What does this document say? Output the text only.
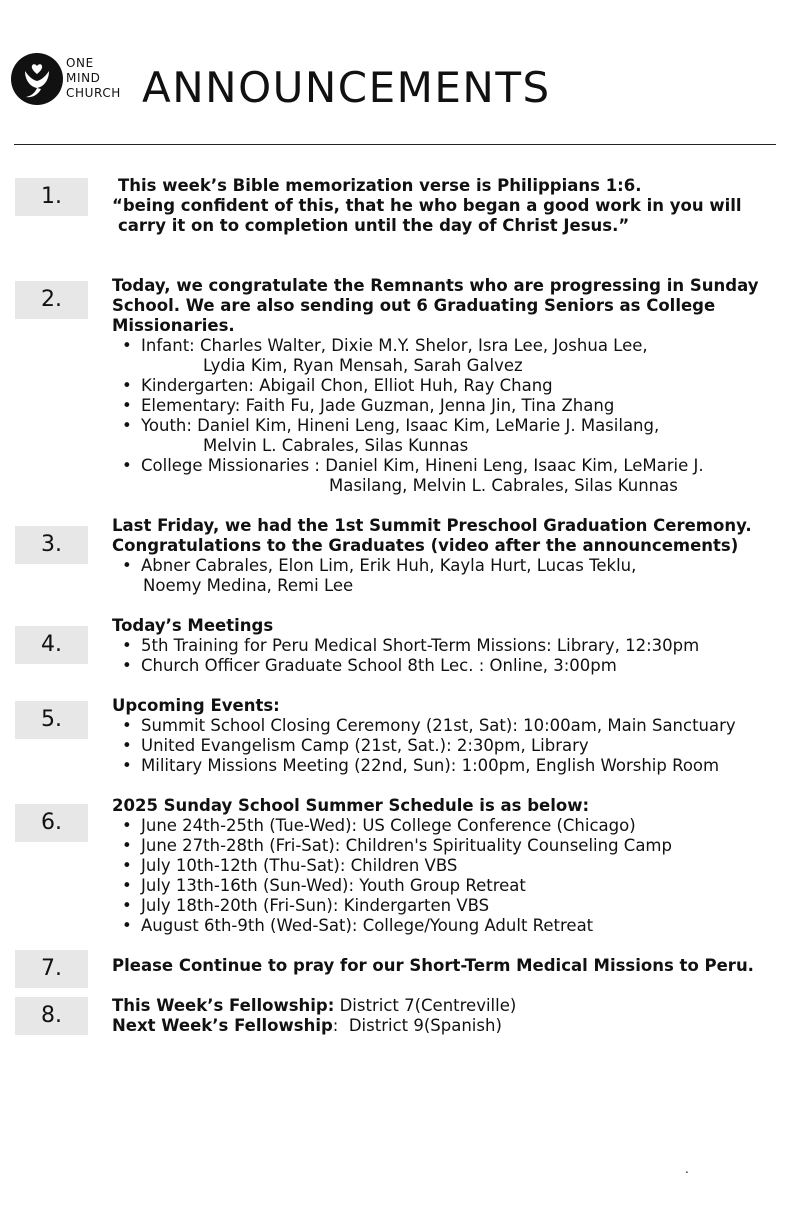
ONE
MIND
CHURCH ANNOUNCEMENTS
1.	This week’s Bible memorization verse is Philippians 1:6.
“being confident of this, that he who began a good work in you will
carry it on to completion until the day of Christ Jesus.”
2.
Today, we congratulate the Remnants who are progressing in Sunday
School. We are also sending out 6 Graduating Seniors as College
Missionaries.
• Infant: Charles Walter, Dixie M.Y. Shelor, Isra Lee, Joshua Lee,
Lydia Kim, Ryan Mensah, Sarah Galvez
• Kindergarten: Abigail Chon, Elliot Huh, Ray Chang
• Elementary: Faith Fu, Jade Guzman, Jenna Jin, Tina Zhang
• Youth: Daniel Kim, Hineni Leng, Isaac Kim, LeMarie J. Masilang,
Melvin L. Cabrales, Silas Kunnas
• College Missionaries : Daniel Kim, Hineni Leng, Isaac Kim, LeMarie J.
Masilang, Melvin L. Cabrales, Silas Kunnas
3.
Last Friday, we had the 1st Summit Preschool Graduation Ceremony.
Congratulations to the Graduates (video after the announcements)
• Abner Cabrales, Elon Lim, Erik Huh, Kayla Hurt, Lucas Teklu,
Noemy Medina, Remi Lee
4.
Today’s Meetings
• 5th Training for Peru Medical Short-Term Missions: Library, 12:30pm
• Church Officer Graduate School 8th Lec. : Online, 3:00pm
5.
Upcoming Events:
• Summit School Closing Ceremony (21st, Sat): 10:00am, Main Sanctuary
• United Evangelism Camp (21st, Sat.): 2:30pm, Library
• Military Missions Meeting (22nd, Sun): 1:00pm, English Worship Room
6.
2025 Sunday School Summer Schedule is as below:
• June 24th-25th (Tue-Wed): US College Conference (Chicago)
• June 27th-28th (Fri-Sat): Children's Spirituality Counseling Camp
• July 10th-12th (Thu-Sat): Children VBS
• July 13th-16th (Sun-Wed): Youth Group Retreat
• July 18th-20th (Fri-Sun): Kindergarten VBS
• August 6th-9th (Wed-Sat): College/Young Adult Retreat
7.	Please Continue to pray for our Short-Term Medical Missions to Peru.
8.	This Week’s Fellowship: District 7(Centreville)
Next Week’s Fellowship:  District 9(Spanish)
.
